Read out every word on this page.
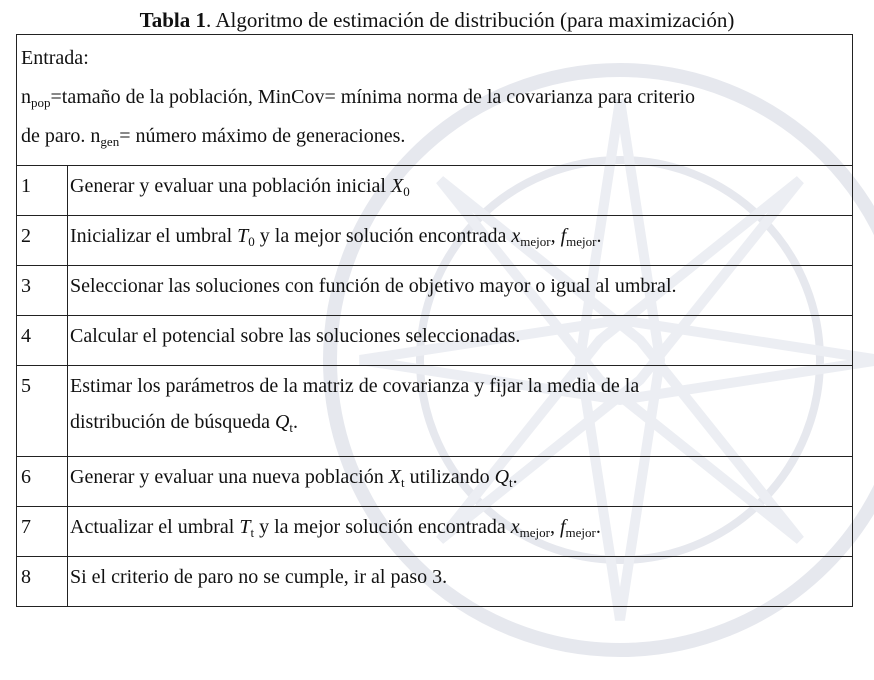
Tabla 1. Algoritmo de estimación de distribución (para maximización)
Entrada:
$n_{pop}=tamaño$ de la población, MinCov= mínima norma de la covarianza para criterio
de paro. $n_{gen}=$ número máximo de generaciones.	

1	Generar y evaluar una población inicial $X_0$

2	Inicializar el umbral $T_0$ y la mejor solución encontrada $x_{mejor}$, $f_{mejor}$.

3	Seleccionar las soluciones con función de objetivo mayor o igual al umbral.

4	Calcular el potencial sobre las soluciones seleccionadas.

5	Estimar los parámetros de la matriz de covarianza y fijar la media de la
distribución de búsqueda $Q_t$.

6	Generar y evaluar una nueva población $X_t$ utilizando $Q_t$.

7	Actualizar el umbral $T_t$ y la mejor solución encontrada $x_{mejor}$, $f_{mejor}$.

8	Si el criterio de paro no se cumple, ir al paso 3.
